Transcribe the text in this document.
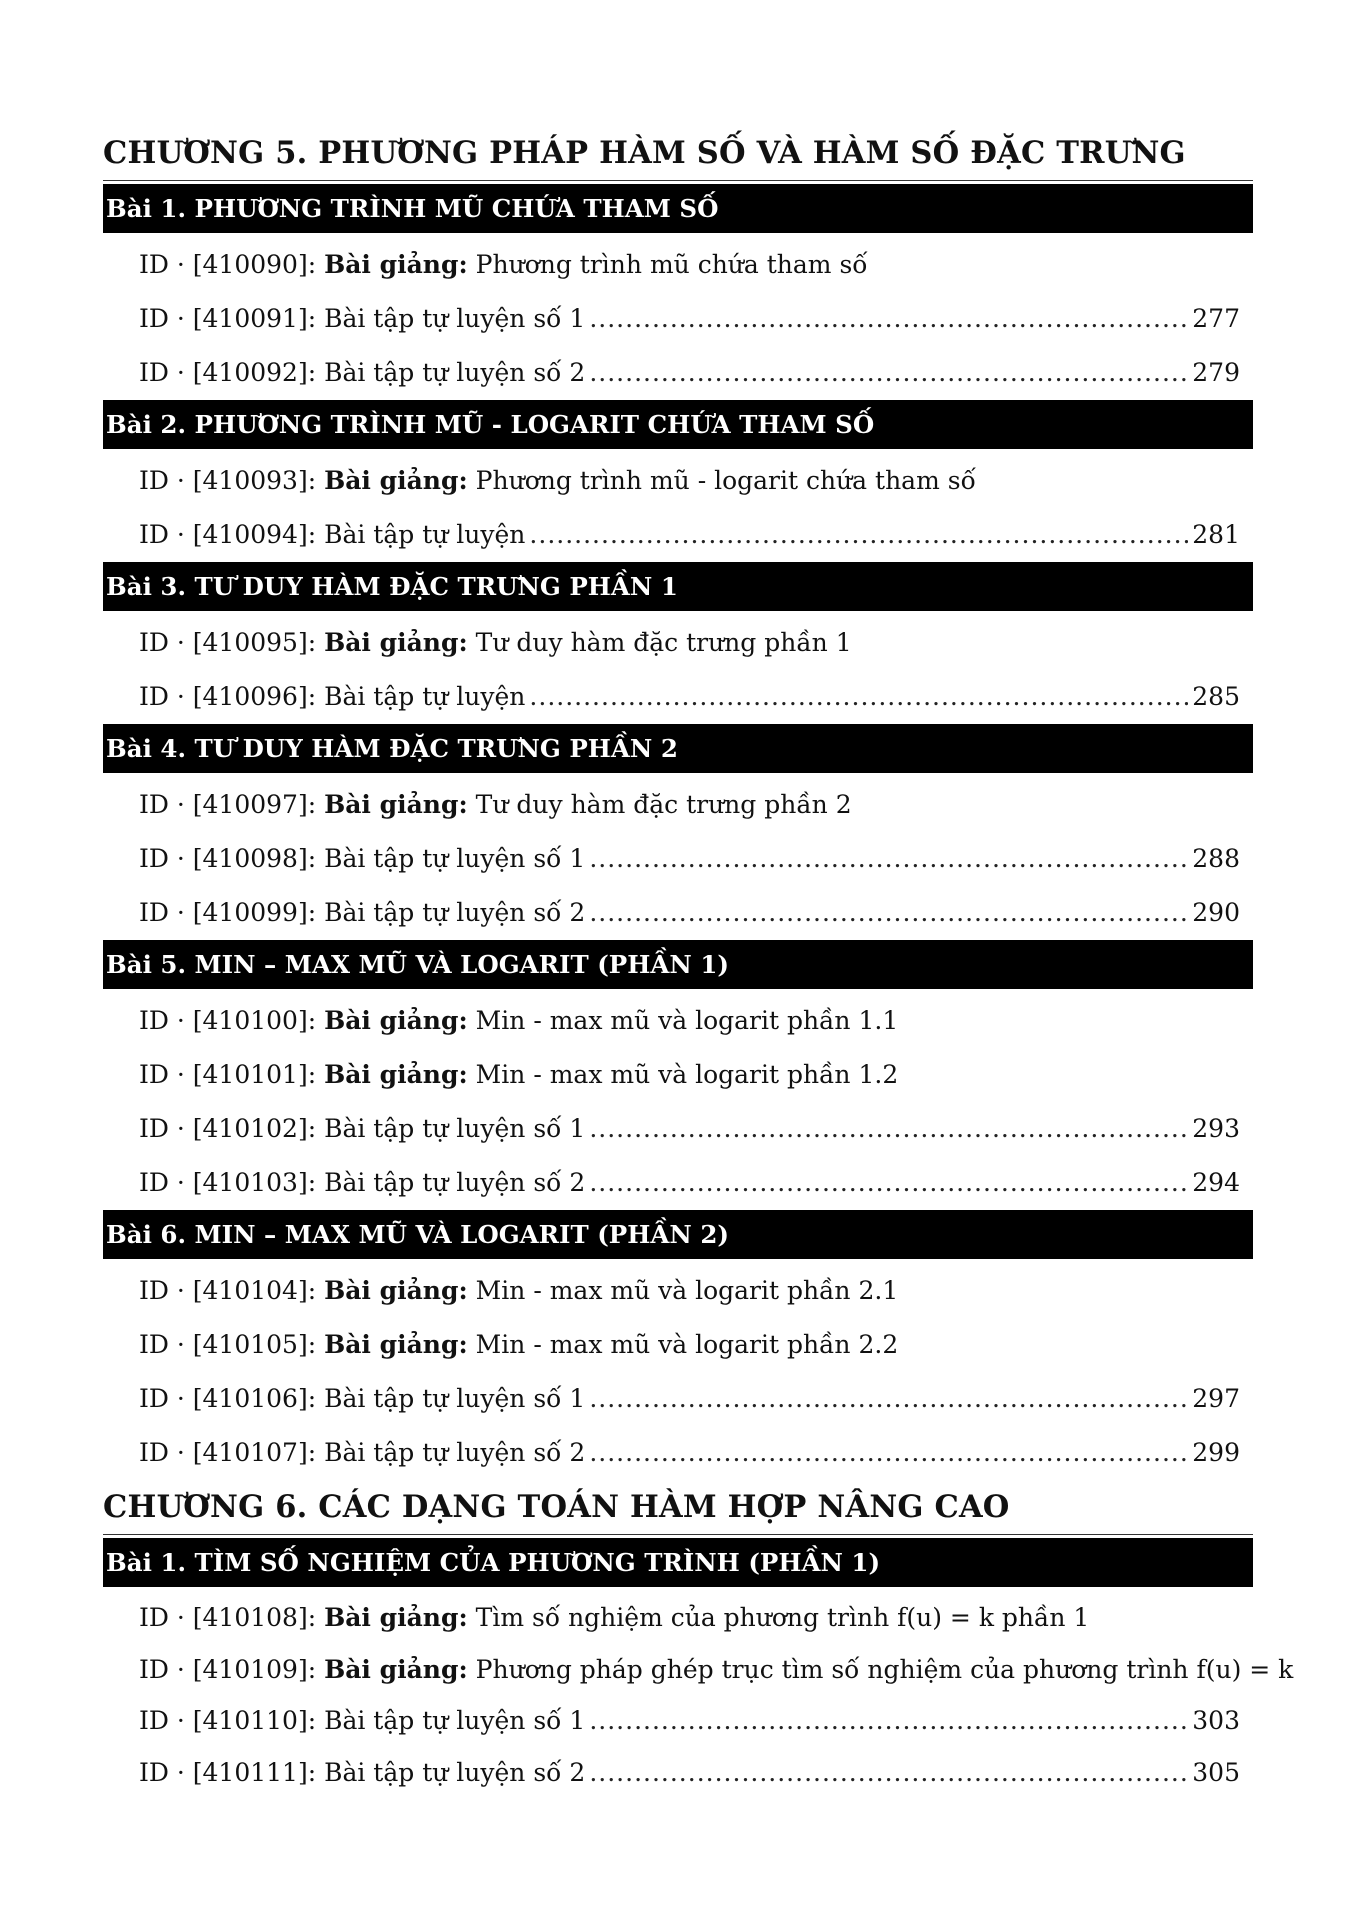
CHƯƠNG 5. PHƯƠNG PHÁP HÀM SỐ VÀ HÀM SỐ ĐẶC TRƯNG
Bài 1. PHƯƠNG TRÌNH MŨ CHỨA THAM SỐ
ID · [410090]:
Bài giảng: Phương trình mũ chứa tham số
ID · [410091]:
Bài tập tự luyện số 1 .....	277
ID · [410092]:
Bài tập tự luyện số 2 .....	279
Bài 2. PHƯƠNG TRÌNH MŨ - LOGARIT CHỨA THAM SỐ
ID · [410093]:
Bài giảng: Phương trình mũ - logarit chứa tham số
ID · [410094]:
Bài tập tự luyện .....	281
Bài 3. TƯ DUY HÀM ĐẶC TRƯNG PHẦN 1
ID · [410095]:
Bài giảng: Tư duy hàm đặc trưng phần 1
ID · [410096]:
Bài tập tự luyện .....	285
Bài 4. TƯ DUY HÀM ĐẶC TRƯNG PHẦN 2
ID · [410097]:
Bài giảng: Tư duy hàm đặc trưng phần 2
ID · [410098]:
Bài tập tự luyện số 1 .....	288
ID · [410099]:
Bài tập tự luyện số 2 .....	290
Bài 5. MIN – MAX MŨ VÀ LOGARIT (PHẦN 1)
ID · [410100]:
Bài giảng: Min - max mũ và logarit phần 1.1
ID · [410101]:
Bài giảng: Min - max mũ và logarit phần 1.2
ID · [410102]:
Bài tập tự luyện số 1 .....	293
ID · [410103]:
Bài tập tự luyện số 2 .....	294
Bài 6. MIN – MAX MŨ VÀ LOGARIT (PHẦN 2)
ID · [410104]:
Bài giảng: Min - max mũ và logarit phần 2.1
ID · [410105]:
Bài giảng: Min - max mũ và logarit phần 2.2
ID · [410106]:
Bài tập tự luyện số 1 .....	297
ID · [410107]:
Bài tập tự luyện số 2 .....	299
CHƯƠNG 6. CÁC DẠNG TOÁN HÀM HỢP NÂNG CAO
Bài 1. TÌM SỐ NGHIỆM CỦA PHƯƠNG TRÌNH (PHẦN 1)
ID · [410108]:
Bài giảng: Tìm số nghiệm của phương trình f(u) = k phần 1
ID · [410109]:
Bài giảng: Phương pháp ghép trục tìm số nghiệm của phương trình f(u) = k
ID · [410110]:
Bài tập tự luyện số 1 .....	303
ID · [410111]:
Bài tập tự luyện số 2 .....	305
